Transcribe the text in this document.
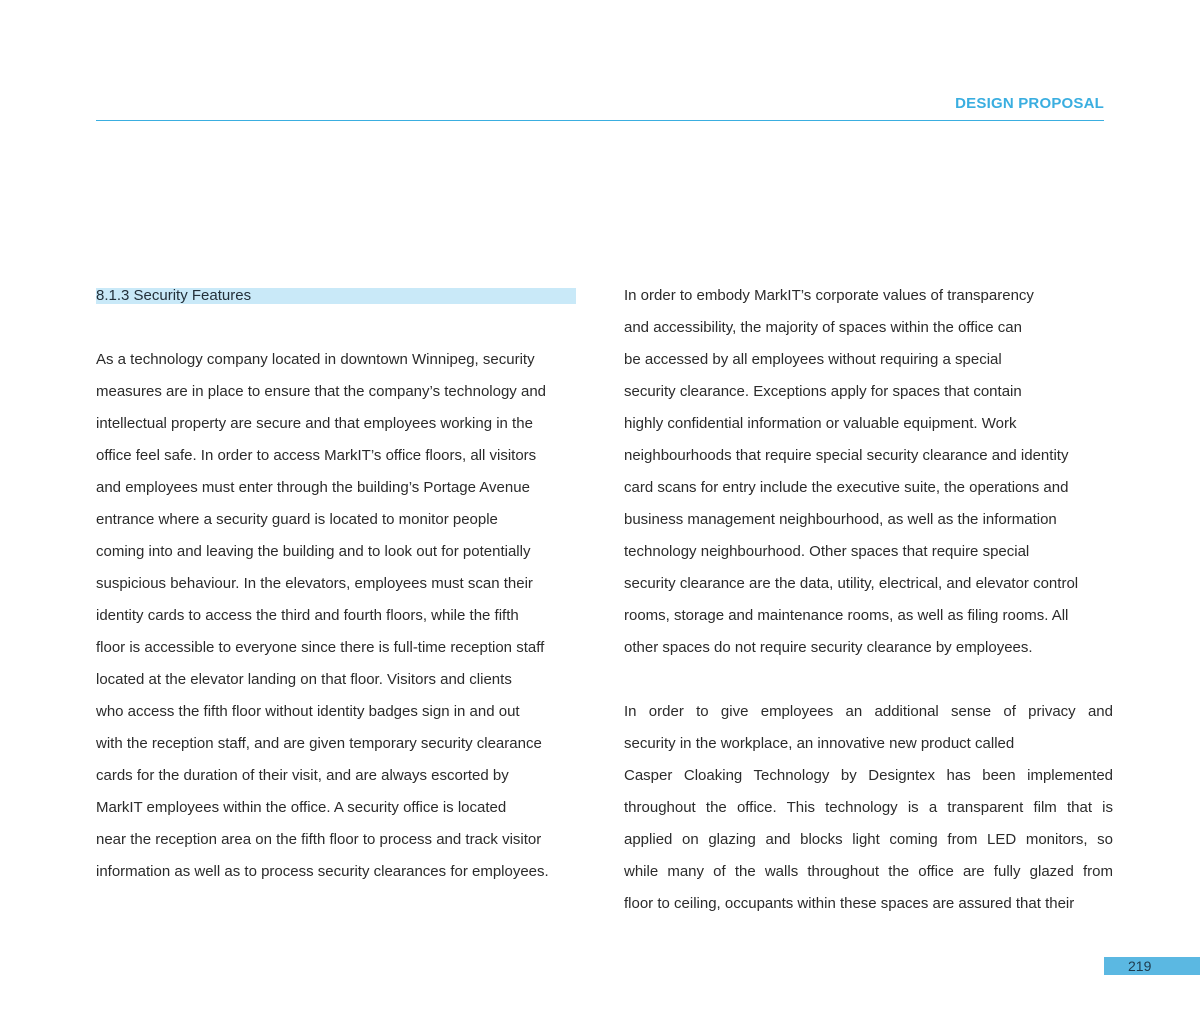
DESIGN PROPOSAL
8.1.3 Security Features
As a technology company located in downtown Winnipeg, security
measures are in place to ensure that the company’s technology and
intellectual property are secure and that employees working in the
office feel safe. In order to access MarkIT’s office floors, all visitors
and employees must enter through the building’s Portage Avenue
entrance where a security guard is located to monitor people
coming into and leaving the building and to look out for potentially
suspicious behaviour. In the elevators, employees must scan their
identity cards to access the third and fourth floors, while the fifth
floor is accessible to everyone since there is full-time reception staff
located at the elevator landing on that floor. Visitors and clients
who access the fifth floor without identity badges sign in and out
with the reception staff, and are given temporary security clearance
cards for the duration of their visit, and are always escorted by
MarkIT employees within the office. A security office is located
near the reception area on the fifth floor to process and track visitor
information as well as to process security clearances for employees.
In order to embody MarkIT’s corporate values of transparency
and accessibility, the majority of spaces within the office can
be accessed by all employees without requiring a special
security clearance. Exceptions apply for spaces that contain
highly confidential information or valuable equipment. Work
neighbourhoods that require special security clearance and identity
card scans for entry include the executive suite, the operations and
business management neighbourhood, as well as the information
technology neighbourhood. Other spaces that require special
security clearance are the data, utility, electrical, and elevator control
rooms, storage and maintenance rooms, as well as filing rooms. All
other spaces do not require security clearance by employees.
In order to give employees an additional sense of privacy and
security in the workplace, an innovative new product called
Casper Cloaking Technology by Designtex has been implemented
throughout the office. This technology is a transparent film that is
applied on glazing and blocks light coming from LED monitors, so
while many of the walls throughout the office are fully glazed from
floor to ceiling, occupants within these spaces are assured that their
219
